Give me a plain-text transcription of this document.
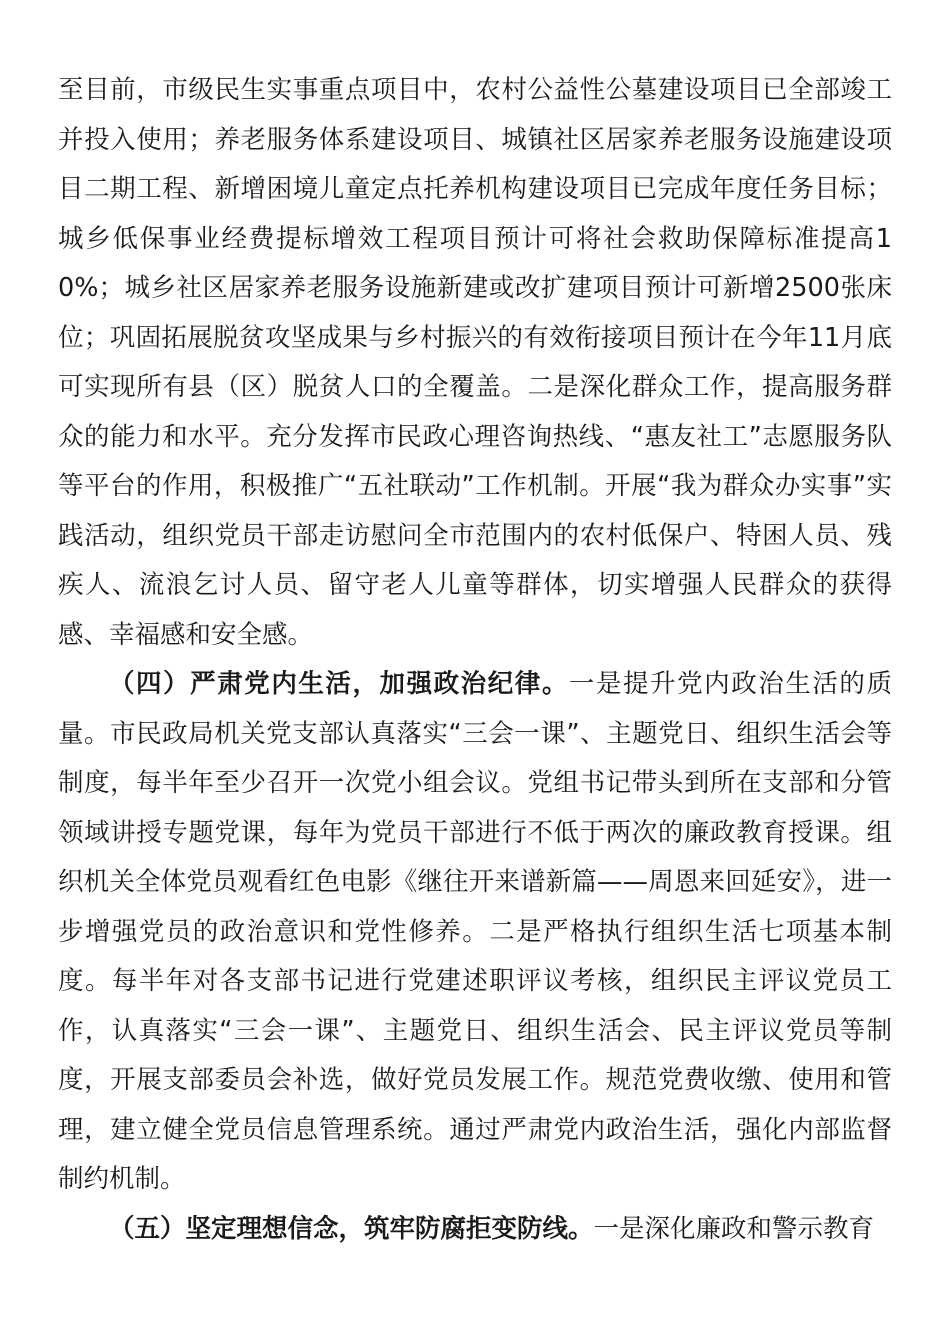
至目前，市级民生实事重点项目中，农村公益性公墓建设项目已全部竣工并投入使用；养老服务体系建设项目、城镇社区居家养老服务设施建设项目二期工程、新增困境儿童定点托养机构建设项目已完成年度任务目标；城乡低保事业经费提标增效工程项目预计可将社会救助保障标准提高10%；城乡社区居家养老服务设施新建或改扩建项目预计可新增2500张床位；巩固拓展脱贫攻坚成果与乡村振兴的有效衔接项目预计在今年11月底可实现所有县（区）脱贫人口的全覆盖。二是深化群众工作，提高服务群众的能力和水平。充分发挥市民政心理咨询热线、“惠友社工”志愿服务队等平台的作用，积极推广“五社联动”工作机制。开展“我为群众办实事”实践活动，组织党员干部走访慰问全市范围内的农村低保户、特困人员、残疾人、流浪乞讨人员、留守老人儿童等群体，切实增强人民群众的获得感、幸福感和安全感。

（四）严肃党内生活，加强政治纪律。一是提升党内政治生活的质量。市民政局机关党支部认真落实“三会一课”、主题党日、组织生活会等制度，每半年至少召开一次党小组会议。党组书记带头到所在支部和分管领域讲授专题党课，每年为党员干部进行不低于两次的廉政教育授课。组织机关全体党员观看红色电影《继往开来谱新篇——周恩来回延安》，进一步增强党员的政治意识和党性修养。二是严格执行组织生活七项基本制度。每半年对各支部书记进行党建述职评议考核，组织民主评议党员工作，认真落实“三会一课”、主题党日、组织生活会、民主评议党员等制度，开展支部委员会补选，做好党员发展工作。规范党费收缴、使用和管理，建立健全党员信息管理系统。通过严肃党内政治生活，强化内部监督制约机制。

（五）坚定理想信念，筑牢防腐拒变防线。一是深化廉政和警示教育
